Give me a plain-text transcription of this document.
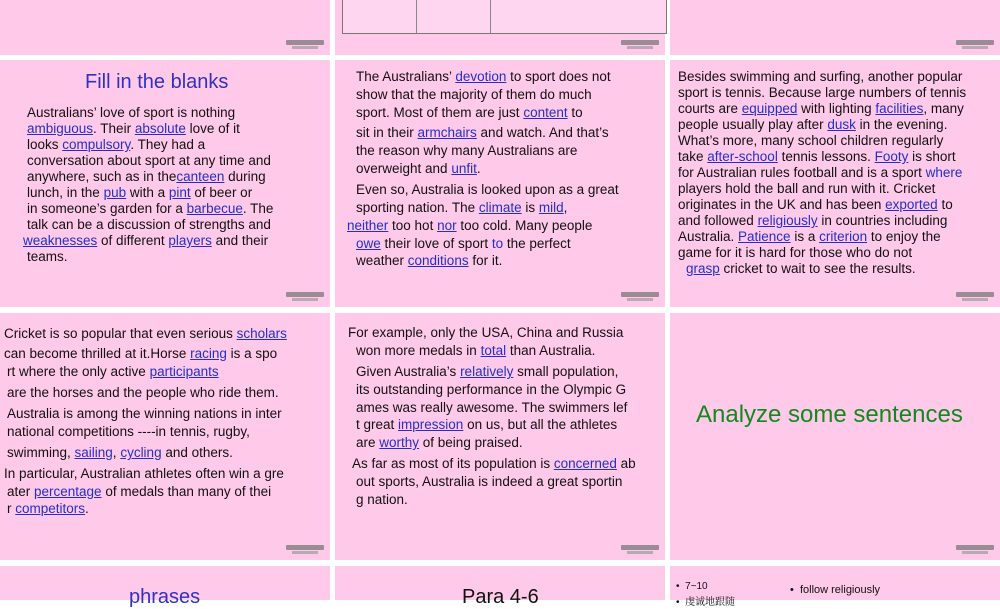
Fill in the blanks
Australians’ love of sport is nothing
ambiguous. Their absolute love of it
looks compulsory. They had a
conversation about sport at any time and
anywhere, such as in thecanteen during
lunch, in the pub with a pint of beer or
in someone’s garden for a barbecue. The
talk can be a discussion of strengths and
weaknesses of different players and their
teams.
The Australians’ devotion to sport does not
show that the majority of them do much
sport. Most of them are just content to
sit in their armchairs and watch. And that’s
the reason why many Australians are
overweight and unfit.
Even so, Australia is looked upon as a great
sporting nation. The climate is mild,
neither too hot nor too cold. Many people
owe their love of sport to the perfect
weather conditions for it.
Besides swimming and surfing, another popular
sport is tennis. Because large numbers of tennis
courts are equipped with lighting facilities, many
people usually play after dusk in the evening.
What’s more, many school children regularly
take after-school tennis lessons. Footy is short
for Australian rules football and is a sport where
players hold the ball and run with it. Cricket
originates in the UK and has been exported to
and followed religiously in countries including
Australia. Patience is a criterion to enjoy the
game for it is hard for those who do not
grasp cricket to wait to see the results.
Cricket is so popular that even serious scholars
can become thrilled at it.Horse racing is a spo
rt where the only active participants
are the horses and the people who ride them.
Australia is among the winning nations in inter
national competitions ----in tennis, rugby,
swimming, sailing, cycling and others.
In particular, Australian athletes often win a gre
ater percentage of medals than many of thei
r competitors.
For example, only the USA, China and Russia
won more medals in total than Australia.
Given Australia’s relatively small population,
its outstanding performance in the Olympic G
ames was really awesome. The swimmers lef
t great impression on us, but all the athletes
are worthy of being praised.
As far as most of its population is concerned ab
out sports, Australia is indeed a great sportin
g nation.
Analyze some sentences
phrases	Para 4-6	•  7~10
•  虔诚地跟随
•  follow religiously
